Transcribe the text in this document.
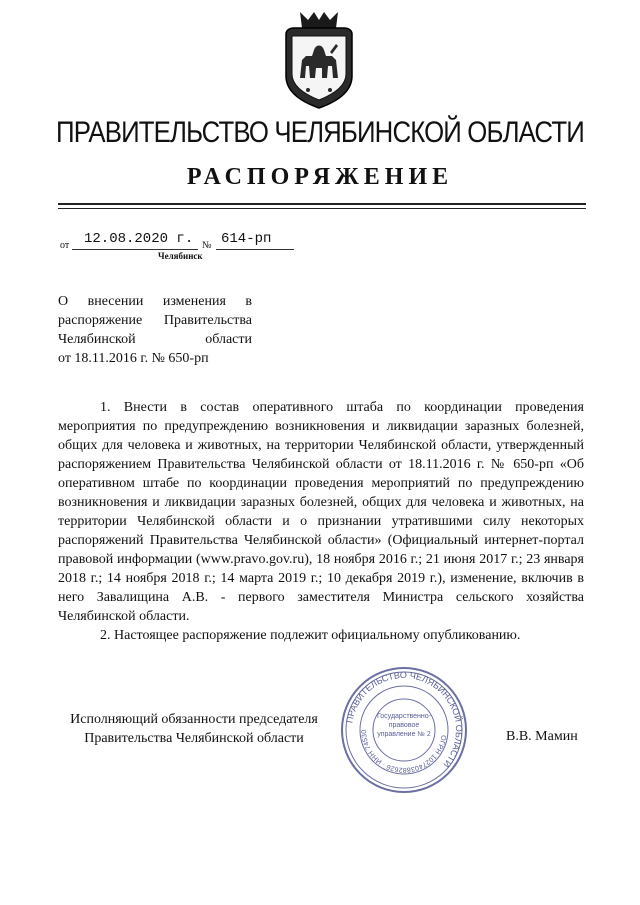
ПРАВИТЕЛЬСТВО ЧЕЛЯБИНСКОЙ ОБЛАСТИ
РАСПОРЯЖЕНИЕ
от 12.08.2020 г. № 614-рп
Челябинск
О внесении изменения в
распоряжение Правительства
Челябинской области
от 18.11.2016 г. № 650-рп

1. Внести в состав оперативного штаба по координации проведения мероприятия по предупреждению возникновения и ликвидации заразных болезней, общих для человека и животных, на территории Челябинской области, утвержденный распоряжением Правительства Челябинской области от 18.11.2016 г. № 650-рп «Об оперативном штабе по координации проведения мероприятий по предупреждению возникновения и ликвидации заразных болезней, общих для человека и животных, на территории Челябинской области и о признании утратившими силу некоторых распоряжений Правительства Челябинской области» (Официальный интернет-портал правовой информации (www.pravo.gov.ru), 18 ноября 2016 г.; 21 июня 2017 г.; 23 января 2018 г.; 14 ноября 2018 г.; 14 марта 2019 г.; 10 декабря 2019 г.), изменение, включив в него Завалищина А.В. - первого заместителя Министра сельского хозяйства Челябинской области.

2. Настоящее распоряжение подлежит официальному опубликованию.

Исполняющий обязанности председателя
Правительства Челябинской области
ПРАВИТЕЛЬСТВО ЧЕЛЯБИНСКОЙ ОБЛАСТИ
ОГРН 1027403882626 · ИНН 74530
Государственно-правовое управление № 2	В.В. Мамин
